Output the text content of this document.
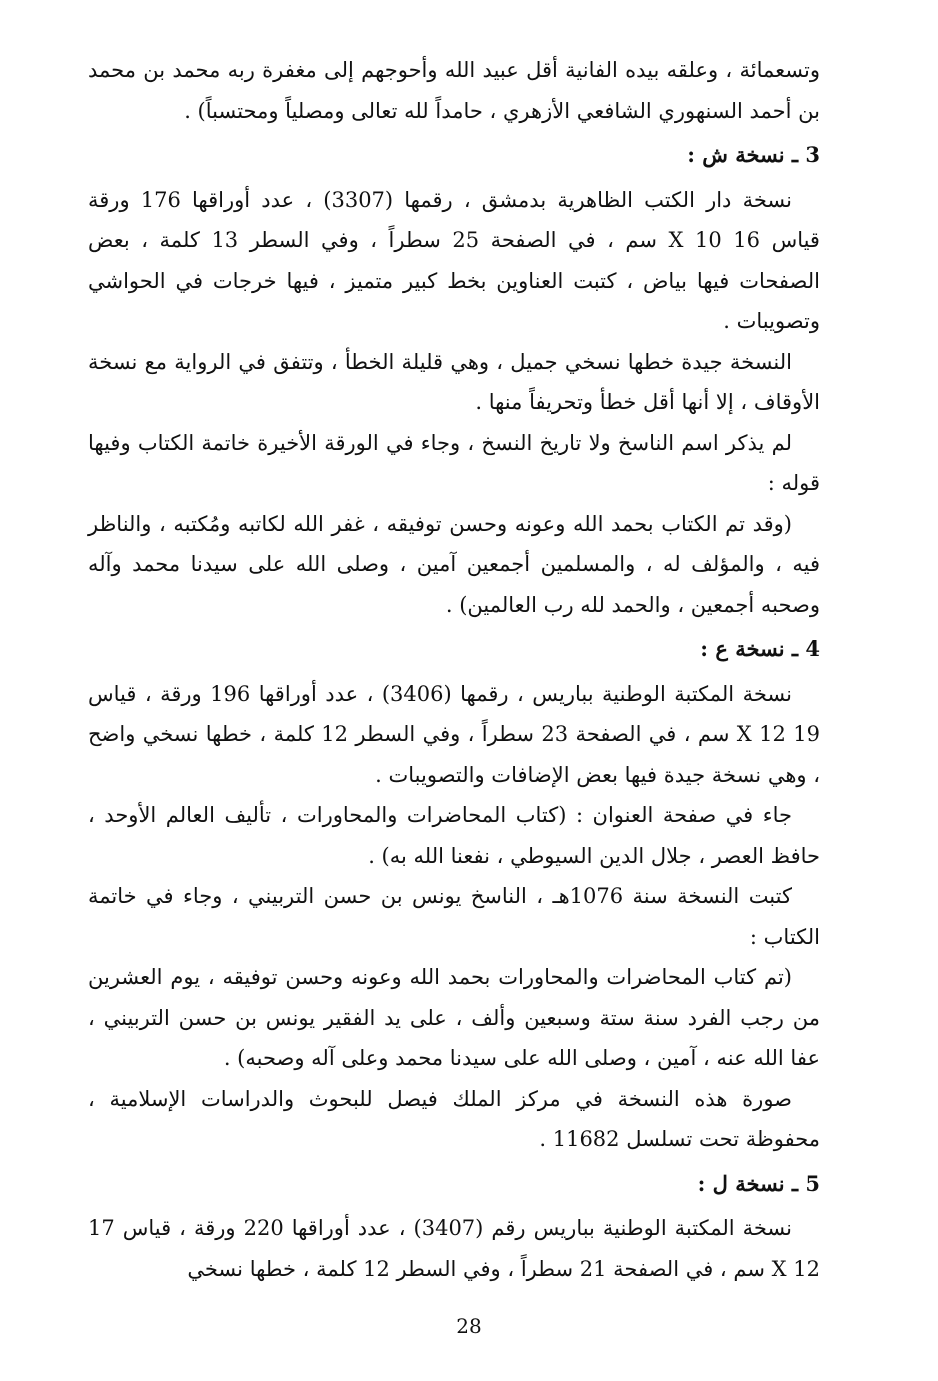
وتسعمائة ، وعلقه بيده الفانية أقل عبيد الله وأحوجهم إلى مغفرة ربه محمد بن محمد بن أحمد السنهوري الشافعي الأزهري ، حامداً لله تعالى ومصلياً ومحتسباً) .

3 ـ نسخة ش :

نسخة دار الكتب الظاهرية بدمشق ، رقمها (3307) ، عدد أوراقها 176 ورقة قياس 16 X 10 سم ، في الصفحة 25 سطراً ، وفي السطر 13 كلمة ، بعض الصفحات فيها بياض ، كتبت العناوين بخط كبير متميز ، فيها خرجات في الحواشي وتصويبات .

النسخة جيدة خطها نسخي جميل ، وهي قليلة الخطأ ، وتتفق في الرواية مع نسخة الأوقاف ، إلا أنها أقل خطأ وتحريفاً منها .

لم يذكر اسم الناسخ ولا تاريخ النسخ ، وجاء في الورقة الأخيرة خاتمة الكتاب وفيها قوله :

(وقد تم الكتاب بحمد الله وعونه وحسن توفيقه ، غفر الله لكاتبه ومُكتبه ، والناظر فيه ، والمؤلف له ، والمسلمين أجمعين آمين ، وصلى الله على سيدنا محمد وآله وصحبه أجمعين ، والحمد لله رب العالمين) .

4 ـ نسخة ع :

نسخة المكتبة الوطنية بباريس ، رقمها (3406) ، عدد أوراقها 196 ورقة ، قياس 19 X 12 سم ، في الصفحة 23 سطراً ، وفي السطر 12 كلمة ، خطها نسخي واضح ، وهي نسخة جيدة فيها بعض الإضافات والتصويبات .

جاء في صفحة العنوان : (كتاب المحاضرات والمحاورات ، تأليف العالم الأوحد ، حافظ العصر ، جلال الدين السيوطي ، نفعنا الله به) .

كتبت النسخة سنة 1076هـ ، الناسخ يونس بن حسن التربيني ، وجاء في خاتمة الكتاب :

(تم كتاب المحاضرات والمحاورات بحمد الله وعونه وحسن توفيقه ، يوم العشرين من رجب الفرد سنة ستة وسبعين وألف ، على يد الفقير يونس بن حسن التربيني ، عفا الله عنه ، آمين ، وصلى الله على سيدنا محمد وعلى آله وصحبه) .

صورة هذه النسخة في مركز الملك فيصل للبحوث والدراسات الإسلامية ، محفوظة تحت تسلسل 11682 .

5 ـ نسخة ل :

نسخة المكتبة الوطنية بباريس رقم (3407) ، عدد أوراقها 220 ورقة ، قياس 17 X 12 سم ، في الصفحة 21 سطراً ، وفي السطر 12 كلمة ، خطها نسخي

28
